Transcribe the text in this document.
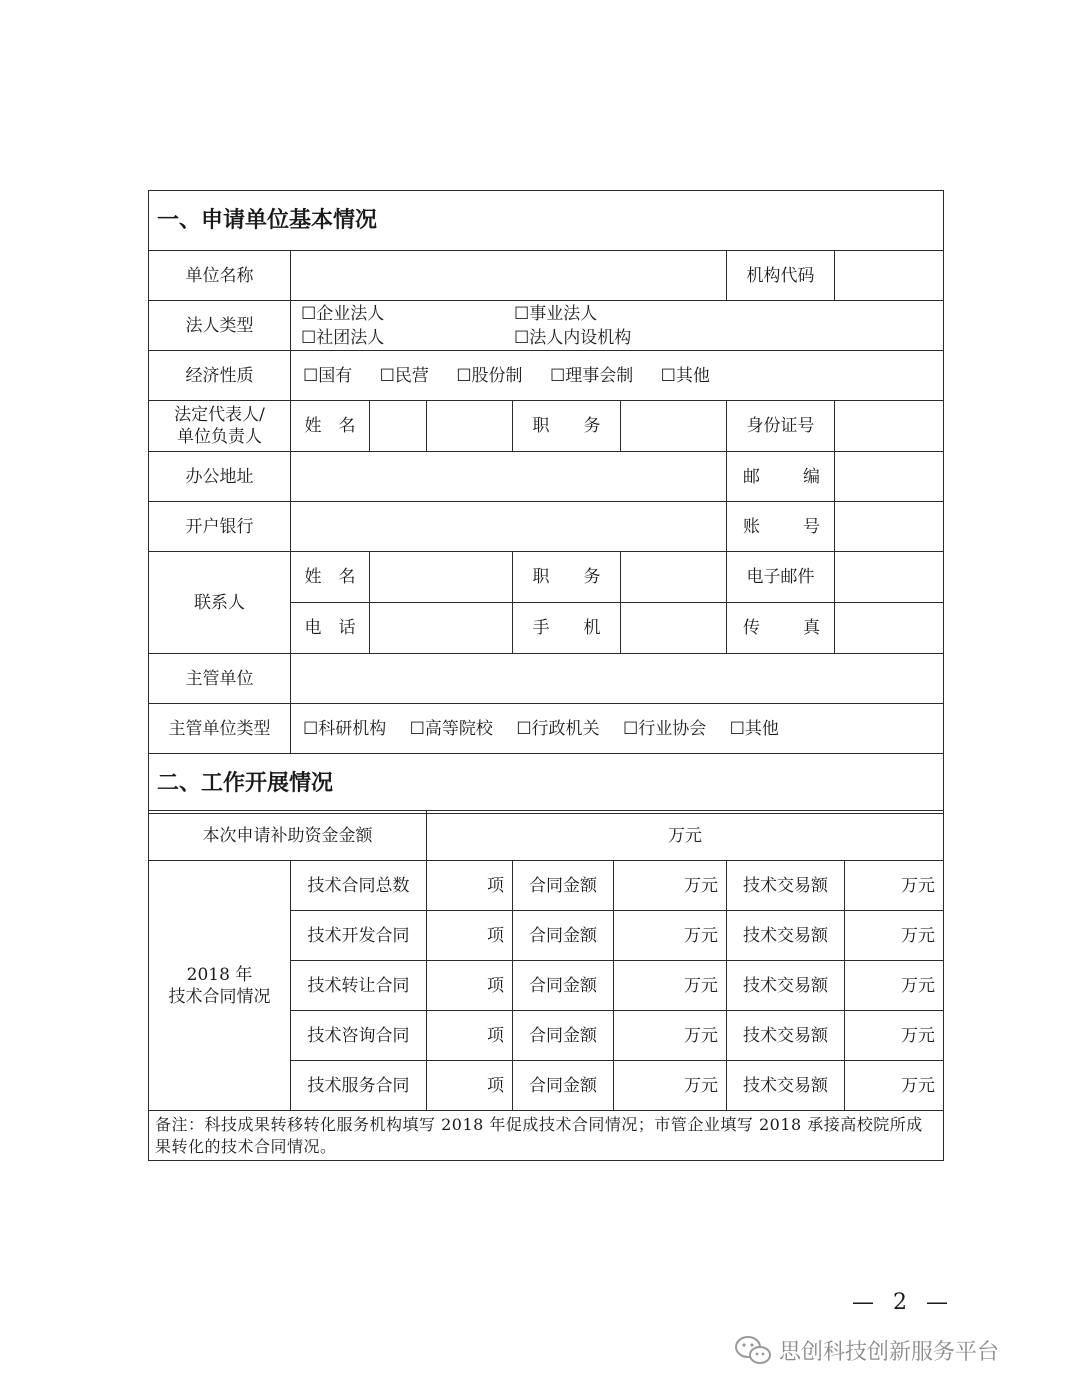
一、申请单位基本情况						
单位名称					机构代码	
法人类型	☐企业法人 ☐事业法人
☐社团法人 ☐法人内设机构					

经济性质	☐国有 ☐民营 ☐股份制 ☐理事会制 ☐其他					
法定代表人/
单位负责人	姓　名		职　　务		身份证号	
办公地址					邮　　编	
开户银行					账　　号	
联系人	姓　名		职　　务		电子邮件	

电　话		手　　机		传　　真	
主管单位						
主管单位类型	☐科研机构 ☐高等院校 ☐行政机关 ☐行业协会 ☐其他					
二、工作开展情况						
本次申请补助资金金额		万元				
2018 年
技术合同情况	技术合同总数	项	合同金额	万元	技术交易额	万元
	技术开发合同	项	合同金额	万元	技术交易额	万元
	技术转让合同	项	合同金额	万元	技术交易额	万元
	技术咨询合同	项	合同金额	万元	技术交易额	万元
	技术服务合同	项	合同金额	万元	技术交易额	万元
备注：科技成果转移转化服务机构填写 2018 年促成技术合同情况；市管企业填写 2018 承接高校院所成果转化的技术合同情况。						
— 2 —
思创科技创新服务平台
